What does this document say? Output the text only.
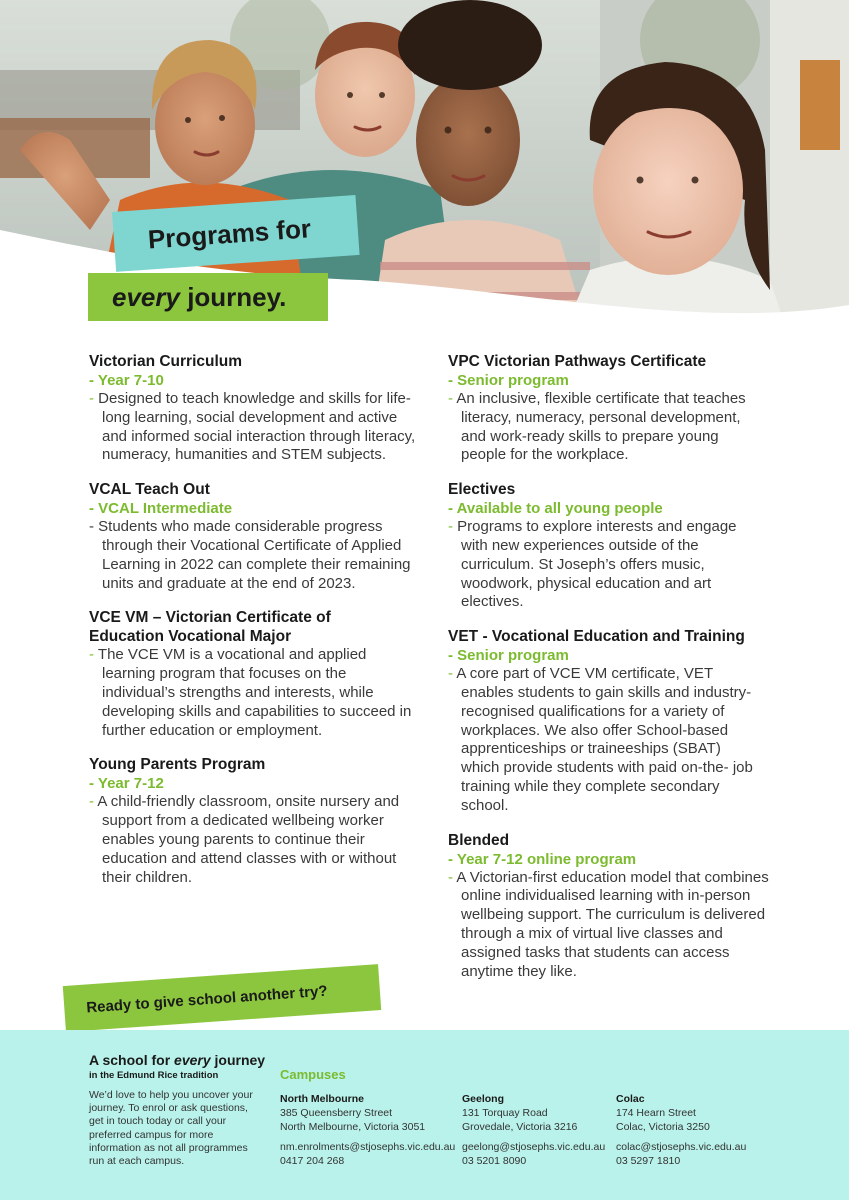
Programs for
every journey.
Victorian Curriculum
- Year 7-10
- Designed to teach knowledge and skills for life-long learning, social development and active and informed social interaction through literacy, numeracy, humanities and STEM subjects.
VCAL Teach Out
- VCAL Intermediate
- Students who made considerable progress through their Vocational Certificate of Applied Learning in 2022 can complete their remaining units and graduate at the end of 2023.
VCE VM – Victorian Certificate of Education Vocational Major
- The VCE VM is a vocational and applied learning program that focuses on the individual’s strengths and interests, while developing skills and capabilities to succeed in further education or employment.
Young Parents Program
- Year 7-12
- A child-friendly classroom, onsite nursery and support from a dedicated wellbeing worker enables young parents to continue their education and attend classes with or without their children.
VPC Victorian Pathways Certificate
- Senior program
- An inclusive, flexible certificate that teaches literacy, numeracy, personal development, and work-ready skills to prepare young people for the workplace.
Electives
- Available to all young people
- Programs to explore interests and engage with new experiences outside of the curriculum. St Joseph’s offers music, woodwork, physical education and art electives.
VET - Vocational Education and Training
- Senior program
- A core part of VCE VM certificate, VET enables students to gain skills and industry-recognised qualifications for a variety of workplaces. We also offer School-based apprenticeships or traineeships (SBAT) which provide students with paid on-the- job training while they complete secondary school.
Blended
- Year 7-12 online program
- A Victorian-first education model that combines online individualised learning with in-person wellbeing support. The curriculum is delivered through a mix of virtual live classes and assigned tasks that students can access anytime they like.
Ready to give school another try?
A school for every journey
in the Edmund Rice tradition
We’d love to help you uncover your journey. To enrol or ask questions, get in touch today or call your preferred campus for more information as not all programmes run at each campus.
Campuses
North Melbourne
385 Queensberry Street
North Melbourne, Victoria 3051
nm.enrolments@stjosephs.vic.edu.au
0417 204 268
Geelong
131 Torquay Road
Grovedale, Victoria 3216
geelong@stjosephs.vic.edu.au
03 5201 8090
Colac
174 Hearn Street
Colac, Victoria 3250
colac@stjosephs.vic.edu.au
03 5297 1810
